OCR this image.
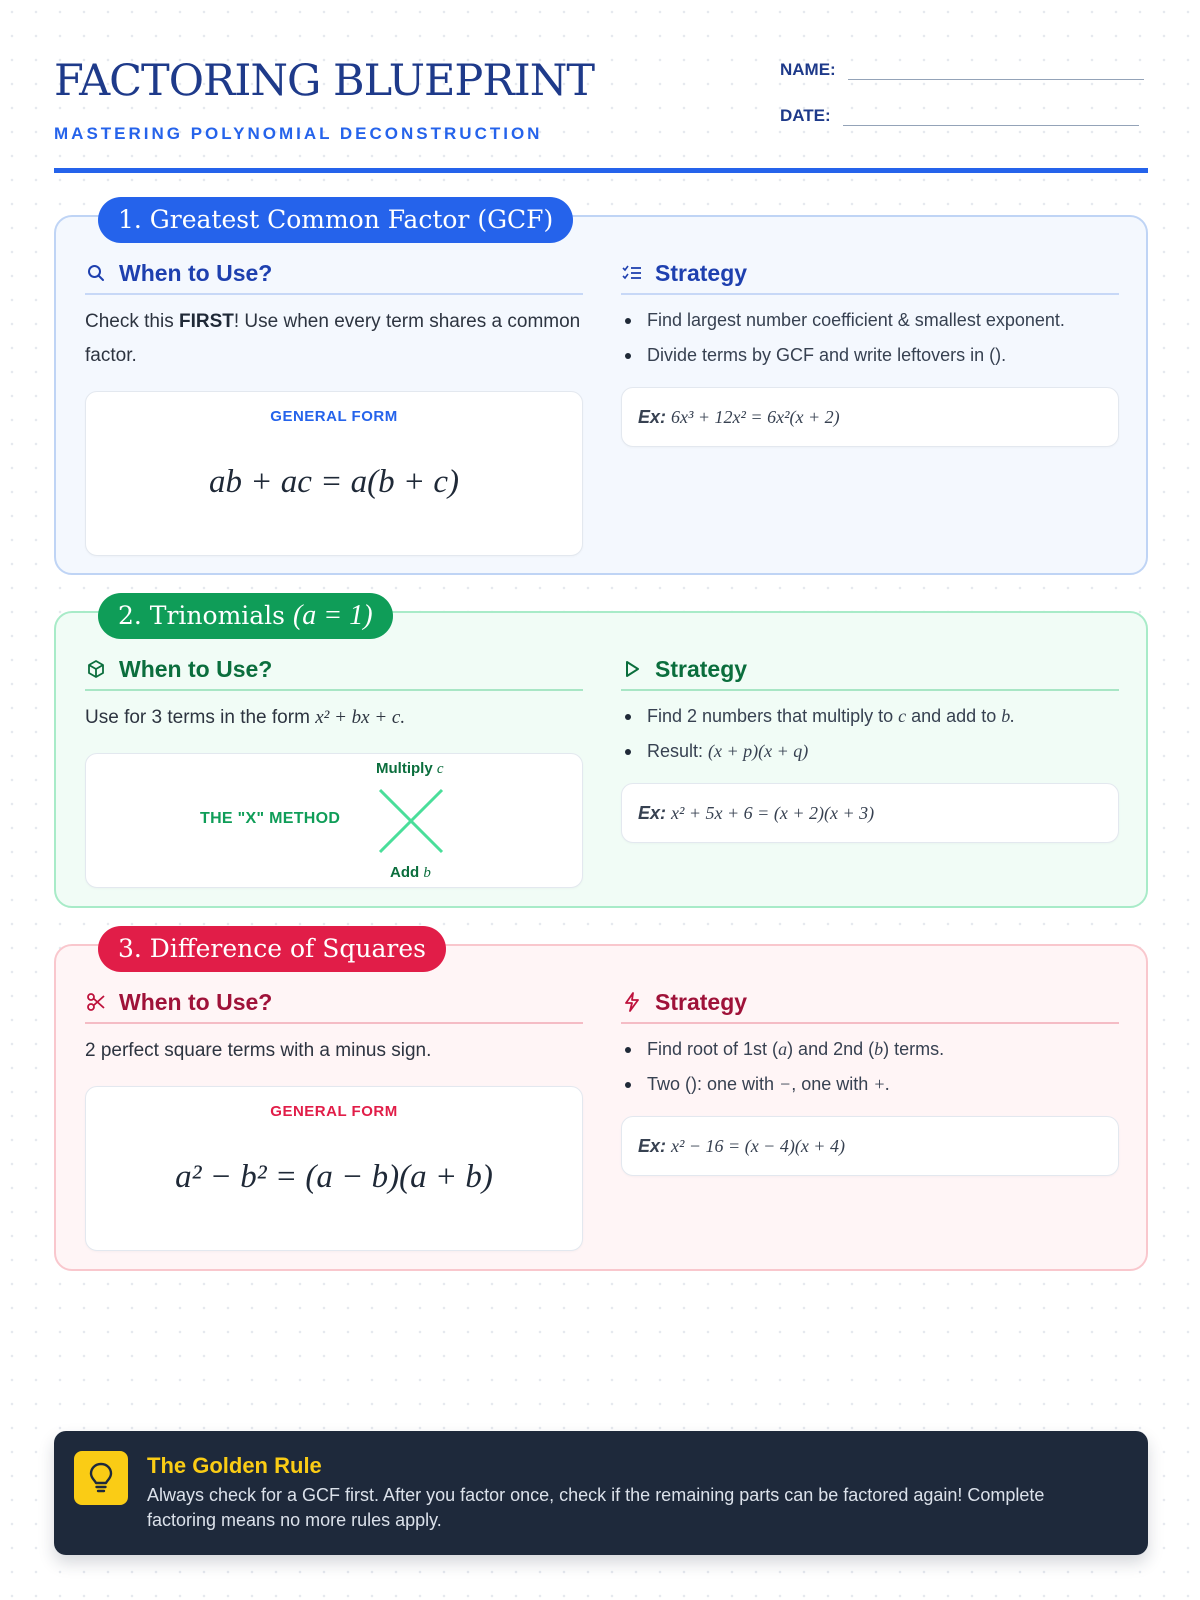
FACTORING BLUEPRINT
MASTERING POLYNOMIAL DECONSTRUCTION
NAME:
DATE:
1. Greatest Common Factor (GCF)
When to Use?
Check this FIRST! Use when every term shares a common factor.
GENERAL FORM
ab + ac = a(b + c)
Strategy
Find largest number coefficient & smallest exponent.
Divide terms by GCF and write leftovers in ().
Ex: 6x³ + 12x² = 6x²(x + 2)
2. Trinomials (a = 1)
When to Use?
Use for 3 terms in the form x² + bx + c.
THE "X" METHOD
Multiply c
Add b
Strategy
Find 2 numbers that multiply to c and add to b.
Result: (x + p)(x + q)
Ex: x² + 5x + 6 = (x + 2)(x + 3)
3. Difference of Squares
When to Use?
2 perfect square terms with a minus sign.
GENERAL FORM
a² − b² = (a − b)(a + b)
Strategy
Find root of 1st (a) and 2nd (b) terms.
Two (): one with −, one with +.
Ex: x² − 16 = (x − 4)(x + 4)
The Golden Rule
Always check for a GCF first. After you factor once, check if the remaining parts can be factored again! Complete factoring means no more rules apply.
